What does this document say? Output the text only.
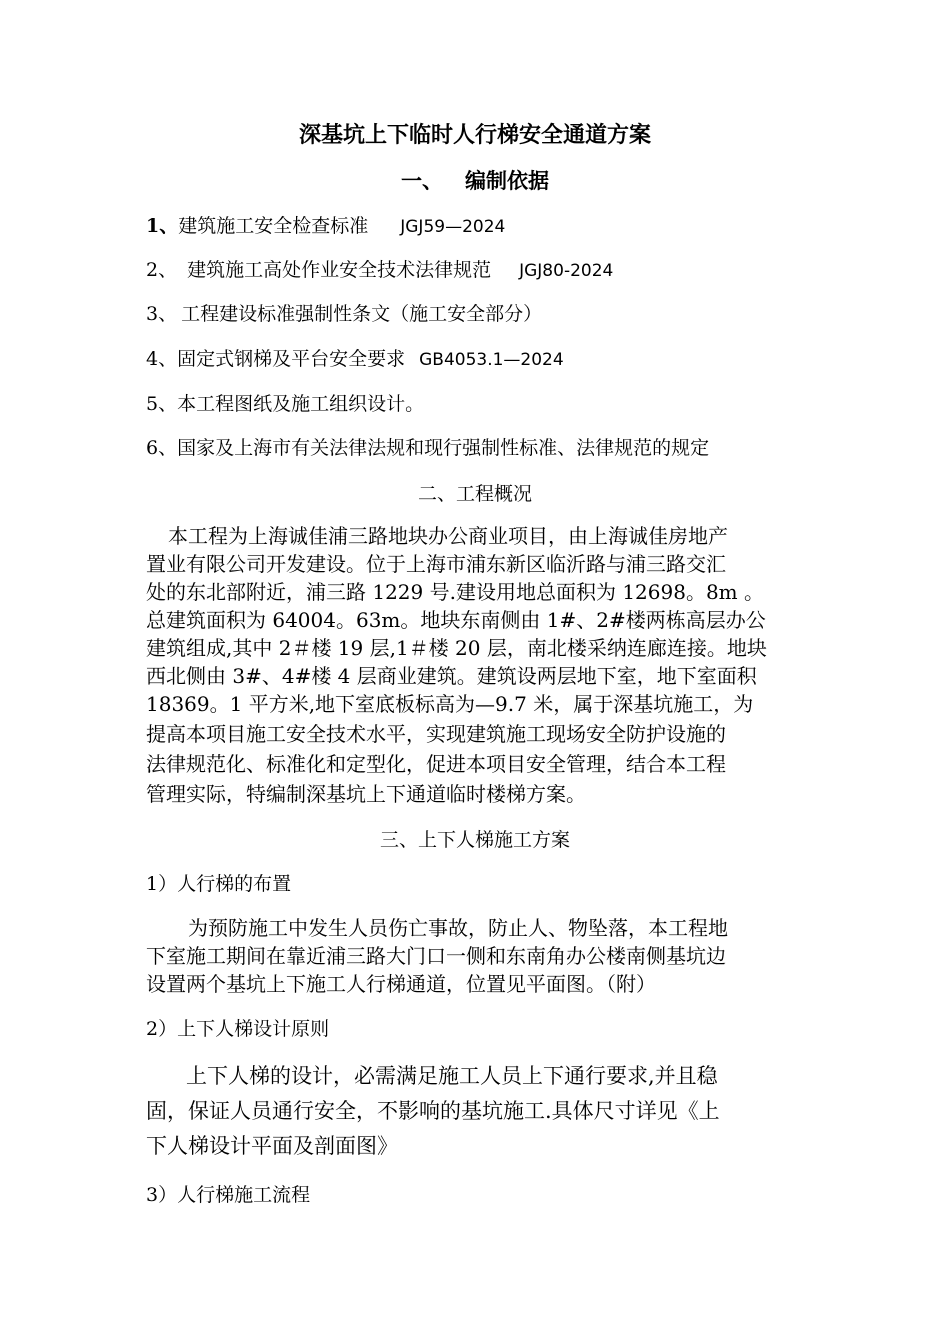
深基坑上下临时人行梯安全通道方案
一、 编制依据
1、建筑施工安全检查标准 JGJ59—2024
2、 建筑施工高处作业安全技术法律规范 JGJ80-2024
3、 工程建设标准强制性条文（施工安全部分）
4、固定式钢梯及平台安全要求 GB4053.1—2024
5、本工程图纸及施工组织设计。
6、国家及上海市有关法律法规和现行强制性标准、法律规范的规定
二、工程概况
本工程为上海诚佳浦三路地块办公商业项目，由上海诚佳房地产
置业有限公司开发建设。位于上海市浦东新区临沂路与浦三路交汇
处的东北部附近，浦三路 1229 号.建设用地总面积为 12698。8m 。
总建筑面积为 64004。63m。地块东南侧由 1#、2#楼两栋高层办公
建筑组成,其中 2＃楼 19 层,1＃楼 20 层，南北楼采纳连廊连接。地块
西北侧由 3#、4#楼 4 层商业建筑。建筑设两层地下室，地下室面积
18369。1 平方米,地下室底板标高为—9.7 米，属于深基坑施工，为
提高本项目施工安全技术水平，实现建筑施工现场安全防护设施的
法律规范化、标准化和定型化，促进本项目安全管理，结合本工程
管理实际，特编制深基坑上下通道临时楼梯方案。
三、上下人梯施工方案
1）人行梯的布置
为预防施工中发生人员伤亡事故，防止人、物坠落，本工程地
下室施工期间在靠近浦三路大门口一侧和东南角办公楼南侧基坑边
设置两个基坑上下施工人行梯通道，位置见平面图。（附）
2）上下人梯设计原则
上下人梯的设计，必需满足施工人员上下通行要求,并且稳
固，保证人员通行安全，不影响的基坑施工.具体尺寸详见《上
下人梯设计平面及剖面图》
3）人行梯施工流程
